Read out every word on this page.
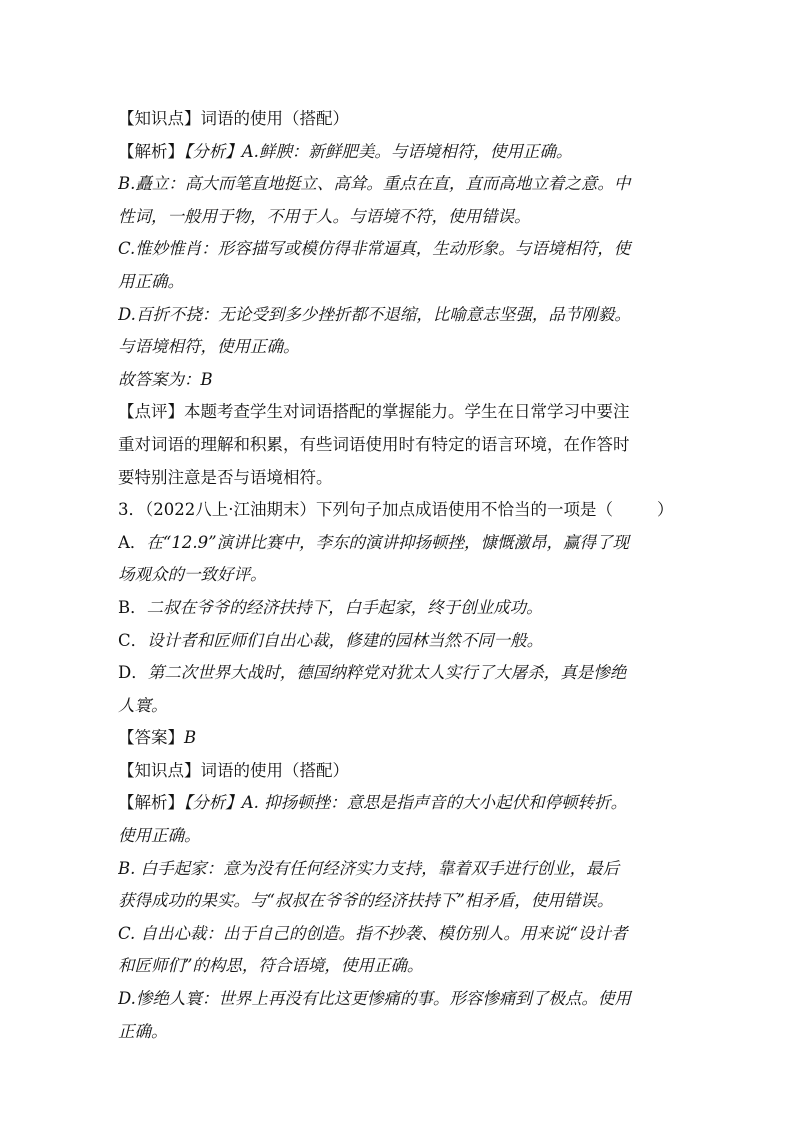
【知识点】词语的使用（搭配）
【解析】【分析】A.鲜腴：新鲜肥美。与语境相符，使用正确。
B.矗立：高大而笔直地挺立、高耸。重点在直，直而高地立着之意。中
性词，一般用于物，不用于人。与语境不符，使用错误。
C.惟妙惟肖：形容描写或模仿得非常逼真，生动形象。与语境相符，使
用正确。
D.百折不挠：无论受到多少挫折都不退缩，比喻意志坚强，品节刚毅。
与语境相符，使用正确。
故答案为：B
【点评】本题考查学生对词语搭配的掌握能力。学生在日常学习中要注
重对词语的理解和积累，有些词语使用时有特定的语言环境，在作答时
要特别注意是否与语境相符。
3．（2022八上·江油期末）下列句子加点成语使用不恰当的一项是（	）
A．在“12.9”演讲比赛中，李东的演讲抑扬顿挫，慷慨激昂，赢得了现
场观众的一致好评。
B．二叔在爷爷的经济扶持下，白手起家，终于创业成功。
C．设计者和匠师们自出心裁，修建的园林当然不同一般。
D．第二次世界大战时，德国纳粹党对犹太人实行了大屠杀，真是惨绝
人寰。
【答案】B
【知识点】词语的使用（搭配）
【解析】【分析】A. 抑扬顿挫：意思是指声音的大小起伏和停顿转折。
使用正确。
B. 白手起家：意为没有任何经济实力支持，靠着双手进行创业，最后
获得成功的果实。与“叔叔在爷爷的经济扶持下”相矛盾，使用错误。
C. 自出心裁：出于自己的创造。指不抄袭、模仿别人。用来说“设计者
和匠师们”的构思，符合语境，使用正确。
D.惨绝人寰：世界上再没有比这更惨痛的事。形容惨痛到了极点。使用
正确。
